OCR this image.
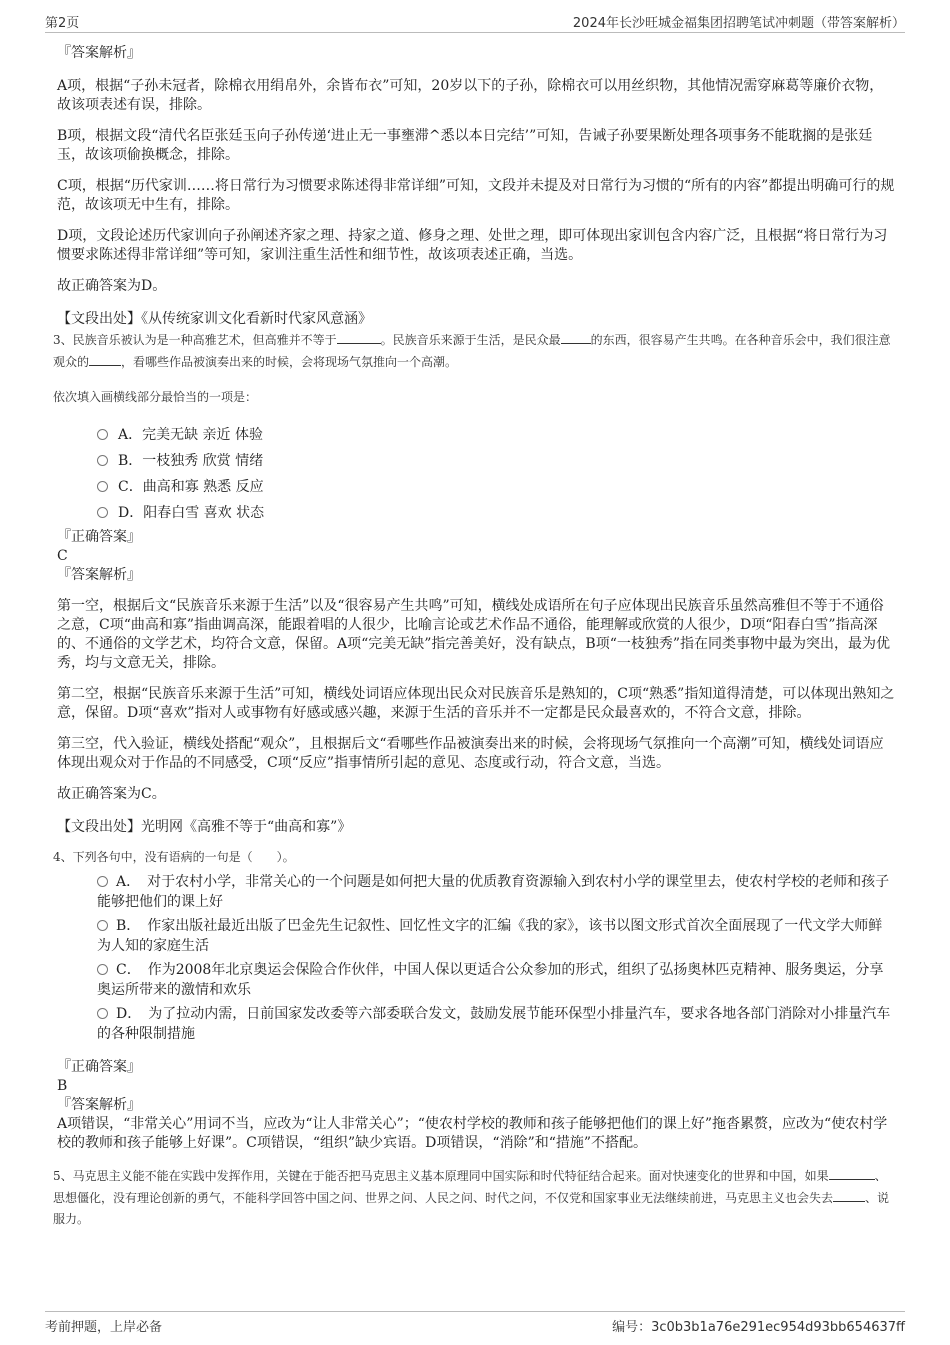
第2页	2024年长沙旺城金福集团招聘笔试冲刺题（带答案解析）

『答案解析』

A项，根据“子孙未冠者，除棉衣用绢帛外，余皆布衣”可知，20岁以下的子孙，除棉衣可以用丝织物，其他情况需穿麻葛等廉价衣物，故该项表述有误，排除。

B项，根据文段“清代名臣张廷玉向子孙传递‘进止无一事壅滞^悉以本日完结’”可知，告诫子孙要果断处理各项事务不能耽搁的是张廷玉，故该项偷换概念，排除。

C项，根据“历代家训……将日常行为习惯要求陈述得非常详细”可知，文段并未提及对日常行为习惯的“所有的内容”都提出明确可行的规范，故该项无中生有，排除。

D项，文段论述历代家训向子孙阐述齐家之理、持家之道、修身之理、处世之理，即可体现出家训包含内容广泛，且根据“将日常行为习惯要求陈述得非常详细”等可知，家训注重生活性和细节性，故该项表述正确，当选。

故正确答案为D。

【文段出处】《从传统家训文化看新时代家风意涵》

3、民族音乐被认为是一种高雅艺术，但高雅并不等于	。民族音乐来源于生活，是民众最	的东西，很容易产生共鸣。在各种音乐会中，我们很注意观众的	，看哪些作品被演奏出来的时候，会将现场气氛推向一个高潮。

依次填入画横线部分最恰当的一项是：

A．完美无缺 亲近 体验
B．一枝独秀 欣赏 情绪
C．曲高和寡 熟悉 反应
D．阳春白雪 喜欢 状态

『正确答案』

C

『答案解析』

第一空，根据后文“民族音乐来源于生活”以及“很容易产生共鸣”可知，横线处成语所在句子应体现出民族音乐虽然高雅但不等于不通俗之意，C项“曲高和寡”指曲调高深，能跟着唱的人很少，比喻言论或艺术作品不通俗，能理解或欣赏的人很少，D项“阳春白雪”指高深的、不通俗的文学艺术，均符合文意，保留。A项“完美无缺”指完善美好，没有缺点，B项“一枝独秀”指在同类事物中最为突出，最为优秀，均与文意无关，排除。

第二空，根据“民族音乐来源于生活”可知，横线处词语应体现出民众对民族音乐是熟知的，C项“熟悉”指知道得清楚，可以体现出熟知之意，保留。D项“喜欢”指对人或事物有好感或感兴趣，来源于生活的音乐并不一定都是民众最喜欢的，不符合文意，排除。

第三空，代入验证，横线处搭配“观众”，且根据后文“看哪些作品被演奏出来的时候，会将现场气氛推向一个高潮”可知，横线处词语应体现出观众对于作品的不同感受，C项“反应”指事情所引起的意见、态度或行动，符合文意，当选。

故正确答案为C。

【文段出处】光明网《高雅不等于“曲高和寡”》

4、下列各句中，没有语病的一句是（　　）。

A．　对于农村小学，非常关心的一个问题是如何把大量的优质教育资源输入到农村小学的课堂里去，使农村学校的老师和孩子能够把他们的课上好
B．　作家出版社最近出版了巴金先生记叙性、回忆性文字的汇编《我的家》，该书以图文形式首次全面展现了一代文学大师鲜为人知的家庭生活
C．　作为2008年北京奥运会保险合作伙伴，中国人保以更适合公众参加的形式，组织了弘扬奥林匹克精神、服务奥运，分享奥运所带来的激情和欢乐
D．　为了拉动内需，日前国家发改委等六部委联合发文，鼓励发展节能环保型小排量汽车，要求各地各部门消除对小排量汽车的各种限制措施

『正确答案』

B

『答案解析』

A项错误，“非常关心”用词不当，应改为“让人非常关心”；“使农村学校的教师和孩子能够把他们的课上好”拖沓累赘，应改为“使农村学校的教师和孩子能够上好课”。C项错误，“组织”缺少宾语。D项错误，“消除”和“措施”不搭配。

5、马克思主义能不能在实践中发挥作用，关键在于能否把马克思主义基本原理同中国实际和时代特征结合起来。面对快速变化的世界和中国，如果	、思想僵化，没有理论创新的勇气，不能科学回答中国之问、世界之问、人民之问、时代之问，不仅党和国家事业无法继续前进，马克思主义也会失去	、说服力。

考前押题，上岸必备	编号：3c0b3b1a76e291ec954d93bb654637ff
